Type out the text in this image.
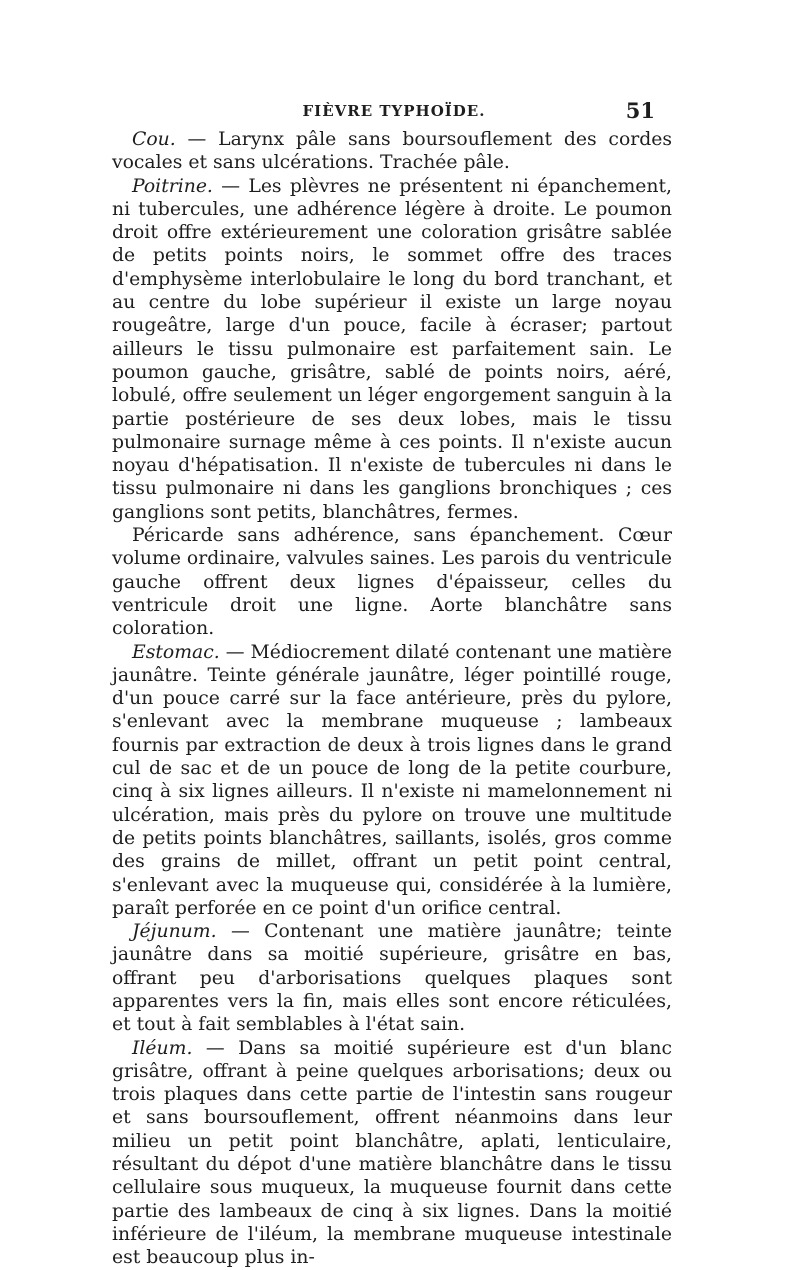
FIÈVRE TYPHOÏDE.	51

Cou. — Larynx pâle sans boursouflement des cordes vocales et sans ulcérations. Trachée pâle.

Poitrine. — Les plèvres ne présentent ni épanchement, ni tubercules, une adhérence légère à droite. Le poumon droit offre extérieurement une coloration grisâtre sablée de petits points noirs, le sommet offre des traces d'emphysème interlobulaire le long du bord tranchant, et au centre du lobe supérieur il existe un large noyau rougeâtre, large d'un pouce, facile à écraser; partout ailleurs le tissu pulmonaire est parfaitement sain. Le poumon gauche, grisâtre, sablé de points noirs, aéré, lobulé, offre seulement un léger engorgement sanguin à la partie postérieure de ses deux lobes, mais le tissu pulmonaire surnage même à ces points. Il n'existe aucun noyau d'hépatisation. Il n'existe de tubercules ni dans le tissu pulmonaire ni dans les ganglions bronchiques ; ces ganglions sont petits, blanchâtres, fermes.

Péricarde sans adhérence, sans épanchement. Cœur volume ordinaire, valvules saines. Les parois du ventricule gauche offrent deux lignes d'épaisseur, celles du ventricule droit une ligne. Aorte blanchâtre sans coloration.

Estomac. — Médiocrement dilaté contenant une matière jaunâtre. Teinte générale jaunâtre, léger pointillé rouge, d'un pouce carré sur la face antérieure, près du pylore, s'enlevant avec la membrane muqueuse ; lambeaux fournis par extraction de deux à trois lignes dans le grand cul de sac et de un pouce de long de la petite courbure, cinq à six lignes ailleurs. Il n'existe ni mamelonnement ni ulcération, mais près du pylore on trouve une multitude de petits points blanchâtres, saillants, isolés, gros comme des grains de millet, offrant un petit point central, s'enlevant avec la muqueuse qui, considérée à la lumière, paraît perforée en ce point d'un orifice central.

Jéjunum. — Contenant une matière jaunâtre; teinte jaunâtre dans sa moitié supérieure, grisâtre en bas, offrant peu d'arborisations quelques plaques sont apparentes vers la fin, mais elles sont encore réticulées, et tout à fait semblables à l'état sain.

Iléum. — Dans sa moitié supérieure est d'un blanc grisâtre, offrant à peine quelques arborisations; deux ou trois plaques dans cette partie de l'intestin sans rougeur et sans boursouflement, offrent néanmoins dans leur milieu un petit point blanchâtre, aplati, lenticulaire, résultant du dépot d'une matière blanchâtre dans le tissu cellulaire sous muqueux, la muqueuse fournit dans cette partie des lambeaux de cinq à six lignes. Dans la moitié inférieure de l'iléum, la membrane muqueuse intestinale est beaucoup plus in-
